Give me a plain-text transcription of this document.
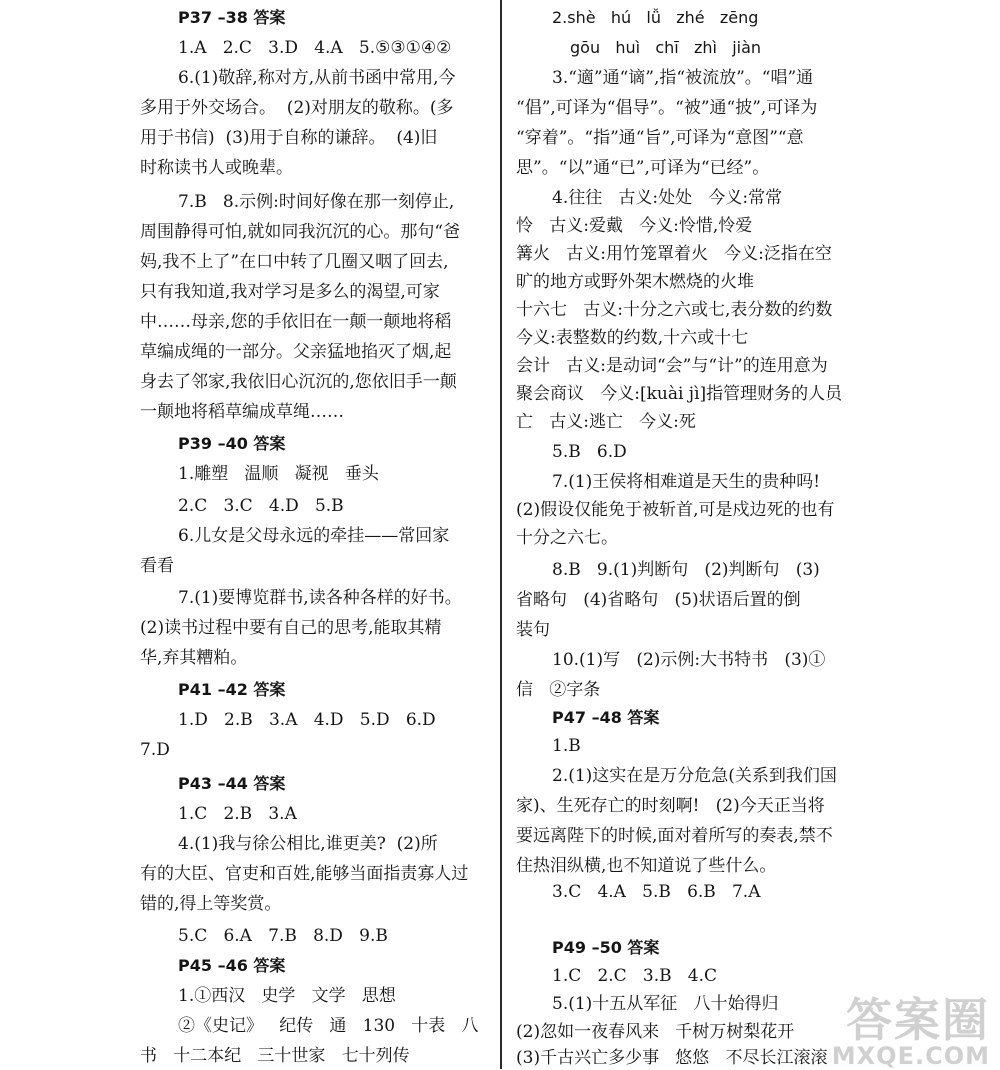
P37 –38 答案
1.A   2.C   3.D   4.A   5.⑤③①④②
6.(1)敬辞,称对方,从前书函中常用,今
多用于外交场合。  (2)对朋友的敬称。(多
用于书信)  (3)用于自称的谦辞。  (4)旧
时称读书人或晚辈。
7.B   8.示例:时间好像在那一刻停止,
周围静得可怕,就如同我沉沉的心。那句“爸
妈,我不上了”在口中转了几圈又咽了回去,
只有我知道,我对学习是多么的渴望,可家
中……母亲,您的手依旧在一颠一颠地将稻
草编成绳的一部分。父亲猛地掐灭了烟,起
身去了邻家,我依旧心沉沉的,您依旧手一颠
一颠地将稻草编成草绳……
P39 –40 答案
1.雕塑   温顺   凝视   垂头
2.C   3.C   4.D   5.B
6.儿女是父母永远的牵挂——常回家
看看
7.(1)要博览群书,读各种各样的好书。
(2)读书过程中要有自己的思考,能取其精
华,弃其糟粕。
P41 –42 答案
1.D   2.B   3.A   4.D   5.D   6.D
7.D
P43 –44 答案
1.C   2.B   3.A
4.(1)我与徐公相比,谁更美?  (2)所
有的大臣、官吏和百姓,能够当面指责寡人过
错的,得上等奖赏。
5.C   6.A   7.B   8.D   9.B
P45 –46 答案
1.①西汉   史学   文学   思想
②《史记》   纪传   通   130   十表   八
书   十二本纪   三十世家   七十列传
2.shè   hú   lǚ   zhé   zēng
gōu   huì   chī   zhì   jiàn
3.“適”通“谪”,指“被流放”。“唱”通
“倡”,可译为“倡导”。“被”通“披”,可译为
“穿着”。“指”通“旨”,可译为“意图”“意
思”。“以”通“已”,可译为“已经”。
4.往往   古义:处处   今义:常常
怜   古义:爱戴   今义:怜惜,怜爱
篝火   古义:用竹笼罩着火   今义:泛指在空
旷的地方或野外架木燃烧的火堆
十六七   古义:十分之六或七,表分数的约数
今义:表整数的约数,十六或十七
会计   古义:是动词“会”与“计”的连用意为
聚会商议   今义:[kuài jì]指管理财务的人员
亡   古义:逃亡   今义:死
5.B   6.D
7.(1)王侯将相难道是天生的贵种吗!
(2)假设仅能免于被斩首,可是戍边死的也有
十分之六七。
8.B   9.(1)判断句   (2)判断句   (3)
省略句   (4)省略句   (5)状语后置的倒
装句
10.(1)写   (2)示例:大书特书   (3)①
信   ②字条
P47 –48 答案
1.B
2.(1)这实在是万分危急(关系到我们国
家)、生死存亡的时刻啊!   (2)今天正当将
要远离陛下的时候,面对着所写的奏表,禁不
住热泪纵横,也不知道说了些什么。
3.C   4.A   5.B   6.B   7.A
P49 –50 答案
1.C   2.C   3.B   4.C
5.(1)十五从军征   八十始得归
(2)忽如一夜春风来   千树万树梨花开
(3)千古兴亡多少事   悠悠   不尽长江滚滚
答案圈
MXQE.COM
